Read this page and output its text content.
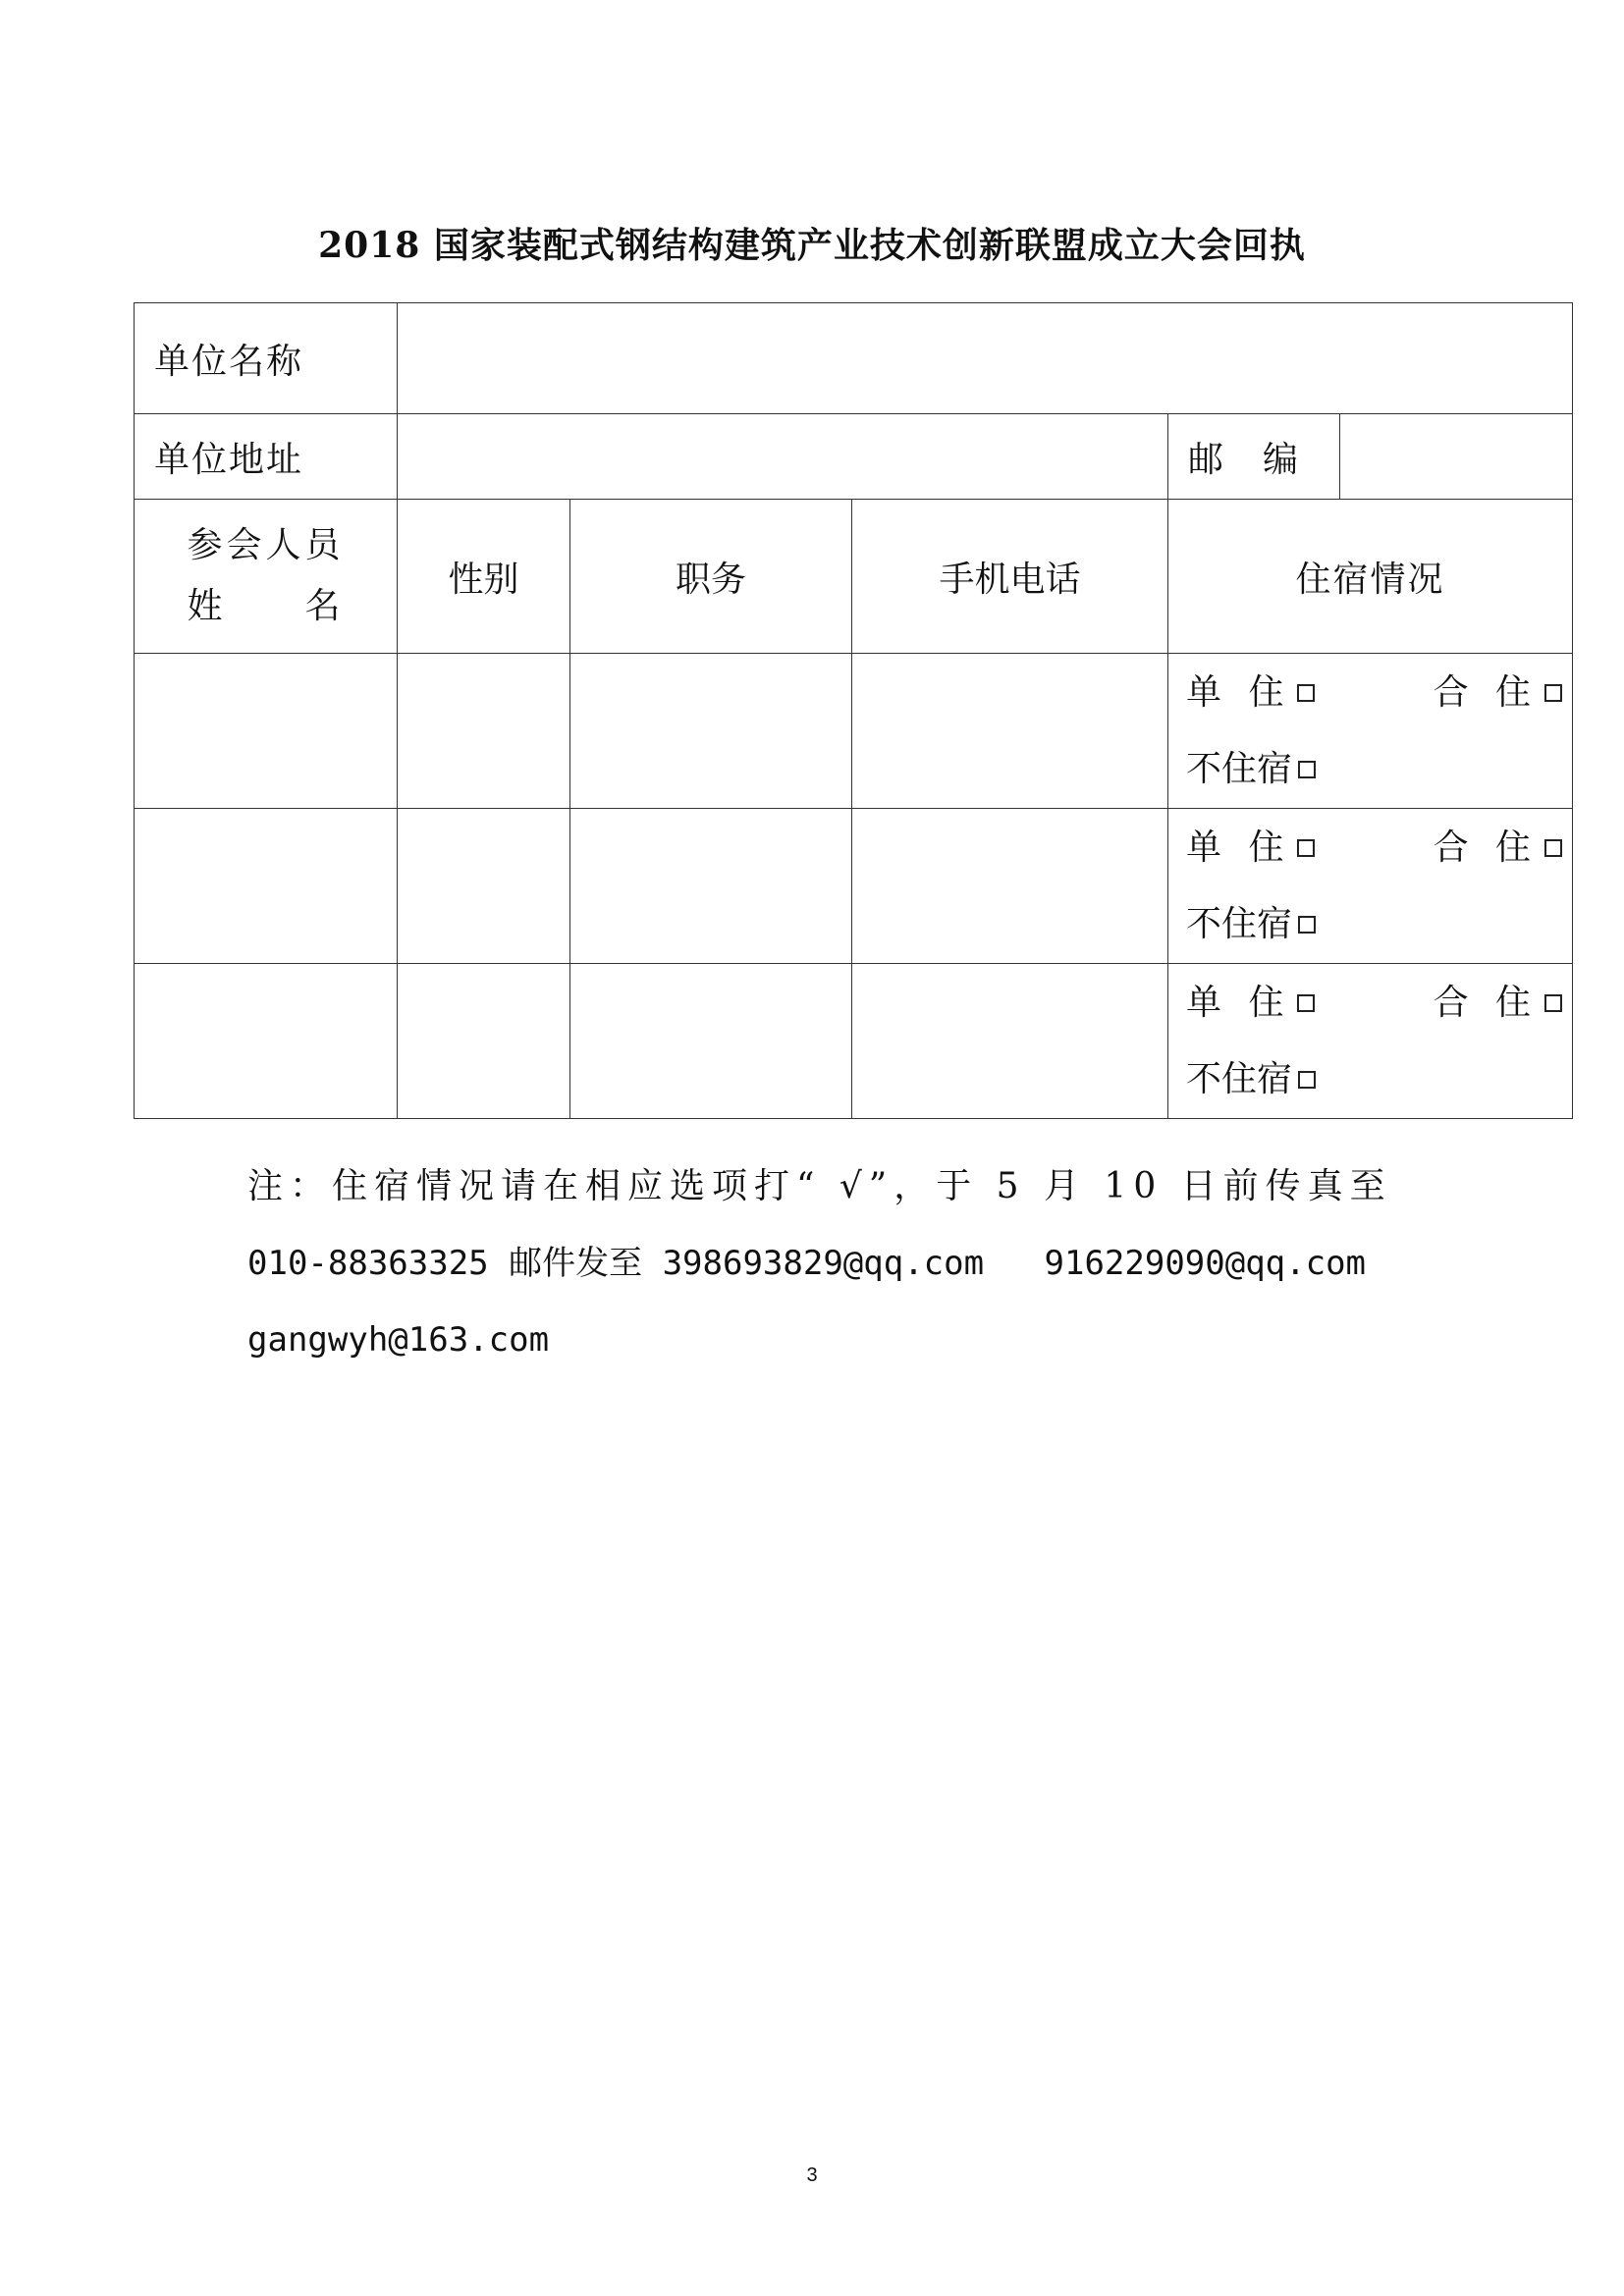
2018 国家装配式钢结构建筑产业技术创新联盟成立大会回执
单位名称					
单位地址				邮　编	

参会人员
姓　　名	性别	职务	手机电话	住宿情况	

				单 住 合 住
不住宿	

				单 住 合 住
不住宿	

				单 住 合 住
不住宿	
注：住宿情况请在相应选项打“ √”，于 5 月 10 日前传真至
010-88363325 邮件发至 398693829@qq.com   916229090@qq.com
gangwyh@163.com
3
